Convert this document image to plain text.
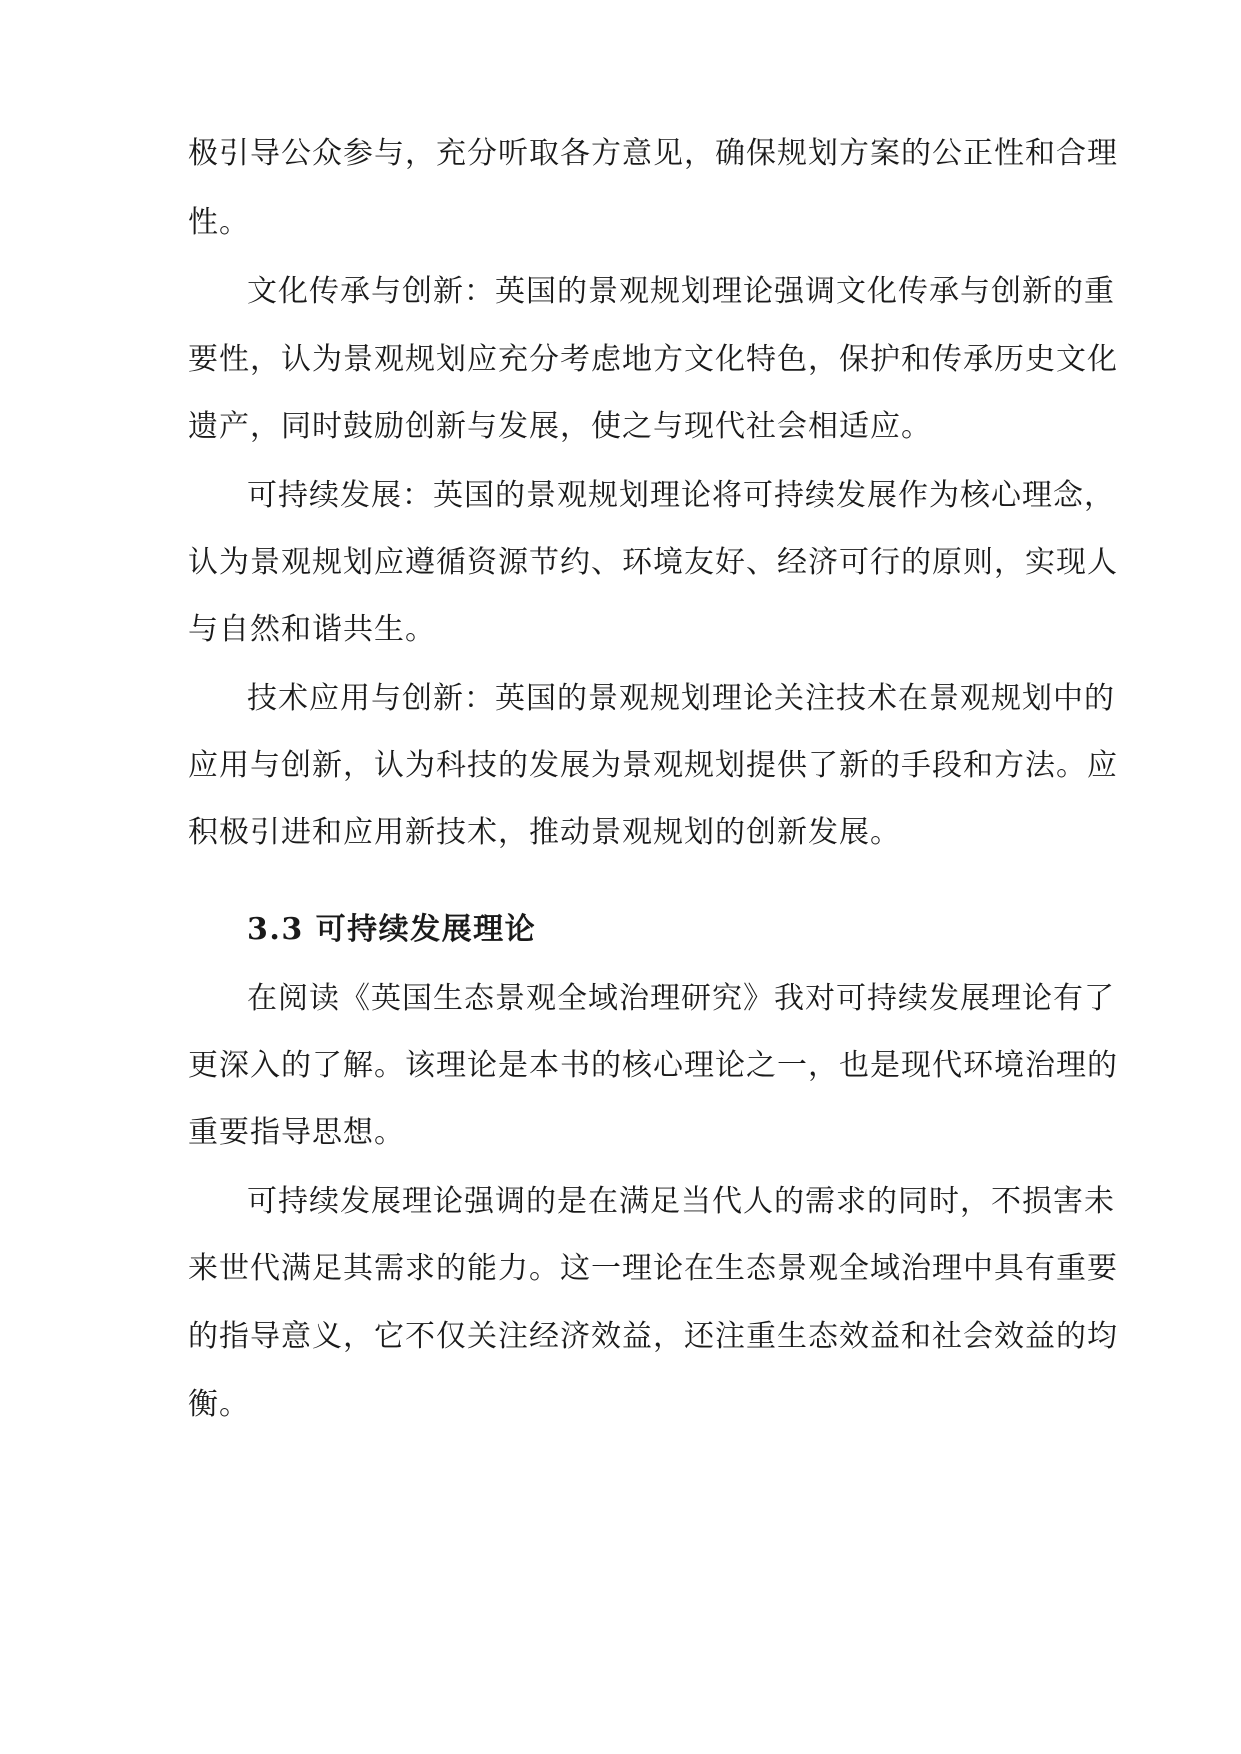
极引导公众参与，充分听取各方意见，确保规划方案的公正性和合理
性。
文化传承与创新：英国的景观规划理论强调文化传承与创新的重
要性，认为景观规划应充分考虑地方文化特色，保护和传承历史文化
遗产，同时鼓励创新与发展，使之与现代社会相适应。
可持续发展：英国的景观规划理论将可持续发展作为核心理念，
认为景观规划应遵循资源节约、环境友好、经济可行的原则，实现人
与自然和谐共生。
技术应用与创新：英国的景观规划理论关注技术在景观规划中的
应用与创新，认为科技的发展为景观规划提供了新的手段和方法。应
积极引进和应用新技术，推动景观规划的创新发展。
3.3 可持续发展理论
在阅读《英国生态景观全域治理研究》我对可持续发展理论有了
更深入的了解。该理论是本书的核心理论之一，也是现代环境治理的
重要指导思想。
可持续发展理论强调的是在满足当代人的需求的同时，不损害未
来世代满足其需求的能力。这一理论在生态景观全域治理中具有重要
的指导意义，它不仅关注经济效益，还注重生态效益和社会效益的均
衡。
